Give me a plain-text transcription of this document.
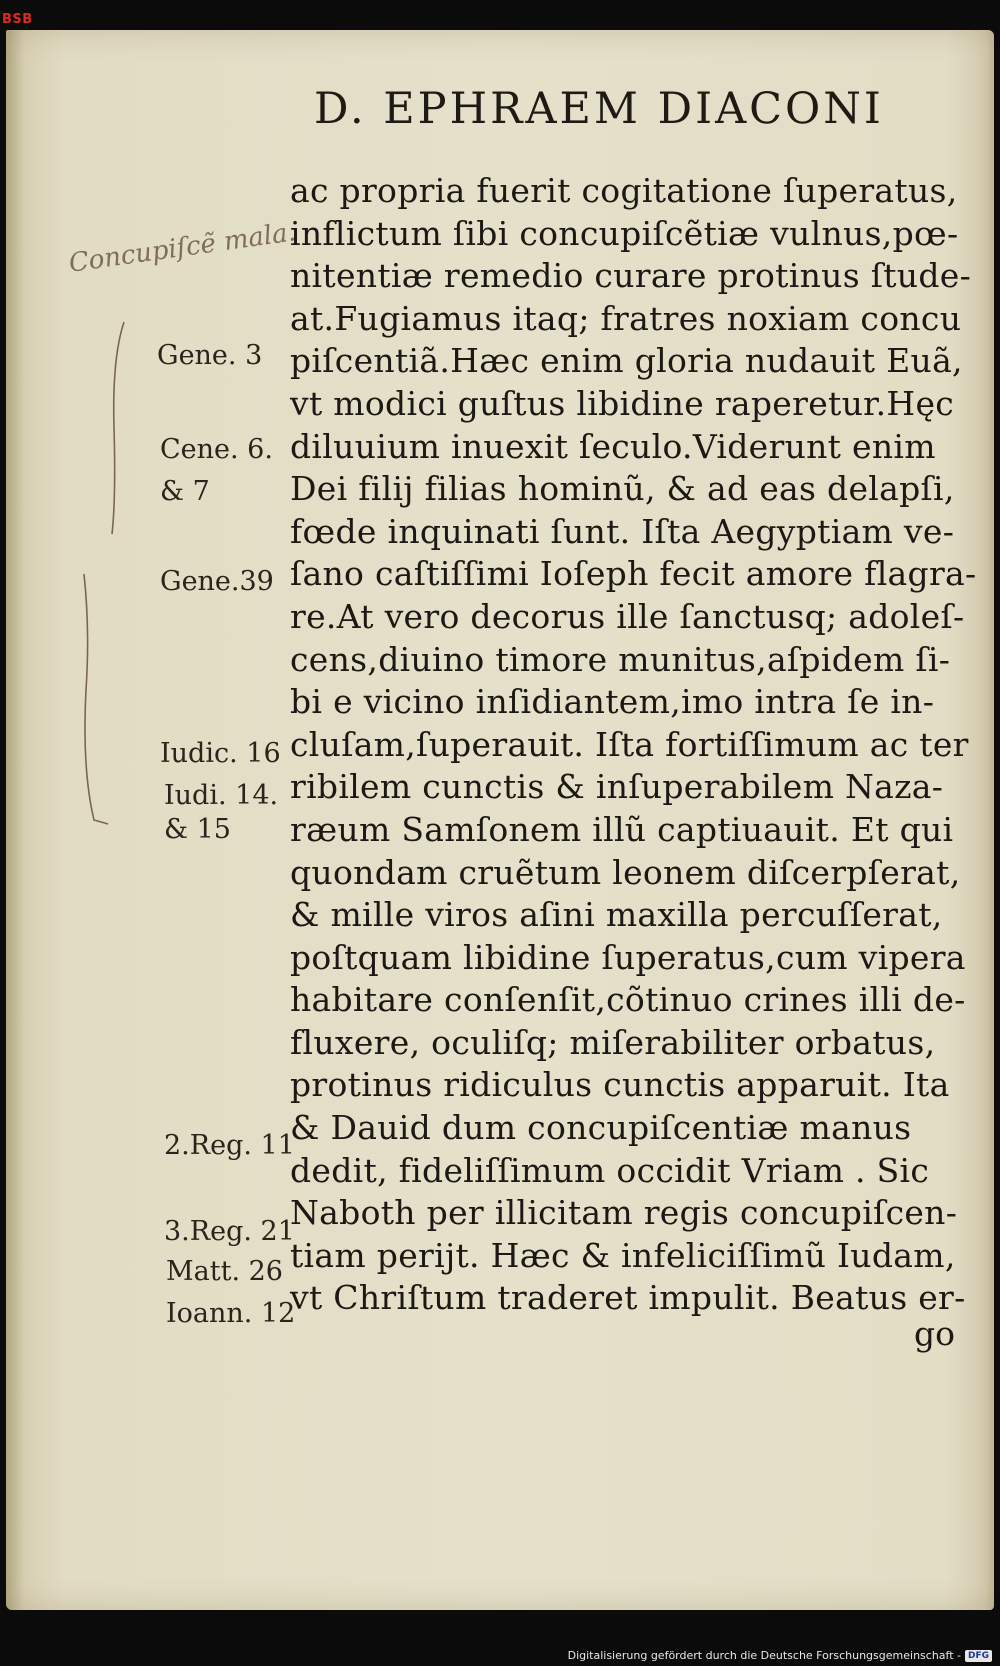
BSB
D. EPHRAEM DIACONI
Concupiſcẽ mala.
Gene. 3
Cene. 6.
& 7
Gene.39
Iudic. 16
Iudi. 14.
& 15
2.Reg. 11
3.Reg. 21
Matt. 26
Ioann. 12
ac propria fuerit cogitatione ſuperatus,
inflictum ſibi concupiſcẽtiæ vulnus,pœ-
nitentiæ remedio curare protinus ſtude-
at.Fugiamus itaq; fratres noxiam concu
piſcentiã.Hæc enim gloria nudauit Euã,
vt modici guſtus libidine raperetur.Hęc
diluuium inuexit ſeculo.Viderunt enim
Dei filij filias hominũ, & ad eas delapſi,
fœde inquinati ſunt. Iſta Aegyptiam ve-
ſano caſtiſſimi Ioſeph fecit amore flagra-
re.At vero decorus ille ſanctusq; adoleſ-
cens,diuino timore munitus,aſpidem ſi-
bi e vicino inſidiantem,imo intra ſe in-
cluſam,ſuperauit. Iſta fortiſſimum ac ter
ribilem cunctis & inſuperabilem Naza-
ræum Samſonem illũ captiuauit. Et qui
quondam cruẽtum leonem diſcerpſerat,
& mille viros aſini maxilla percuſſerat,
poſtquam libidine ſuperatus,cum vipera
habitare conſenſit,cõtinuo crines illi de-
fluxere, oculiſq; miſerabiliter orbatus,
protinus ridiculus cunctis apparuit. Ita
& Dauid dum concupiſcentiæ manus
dedit, fideliſſimum occidit Vriam . Sic
Naboth per illicitam regis concupiſcen-
tiam perijt. Hæc & infeliciſſimũ Iudam,
vt Chriſtum traderet impulit. Beatus er-
go
Digitalisierung gefördert durch die Deutsche Forschungsgemeinschaft - DFG
